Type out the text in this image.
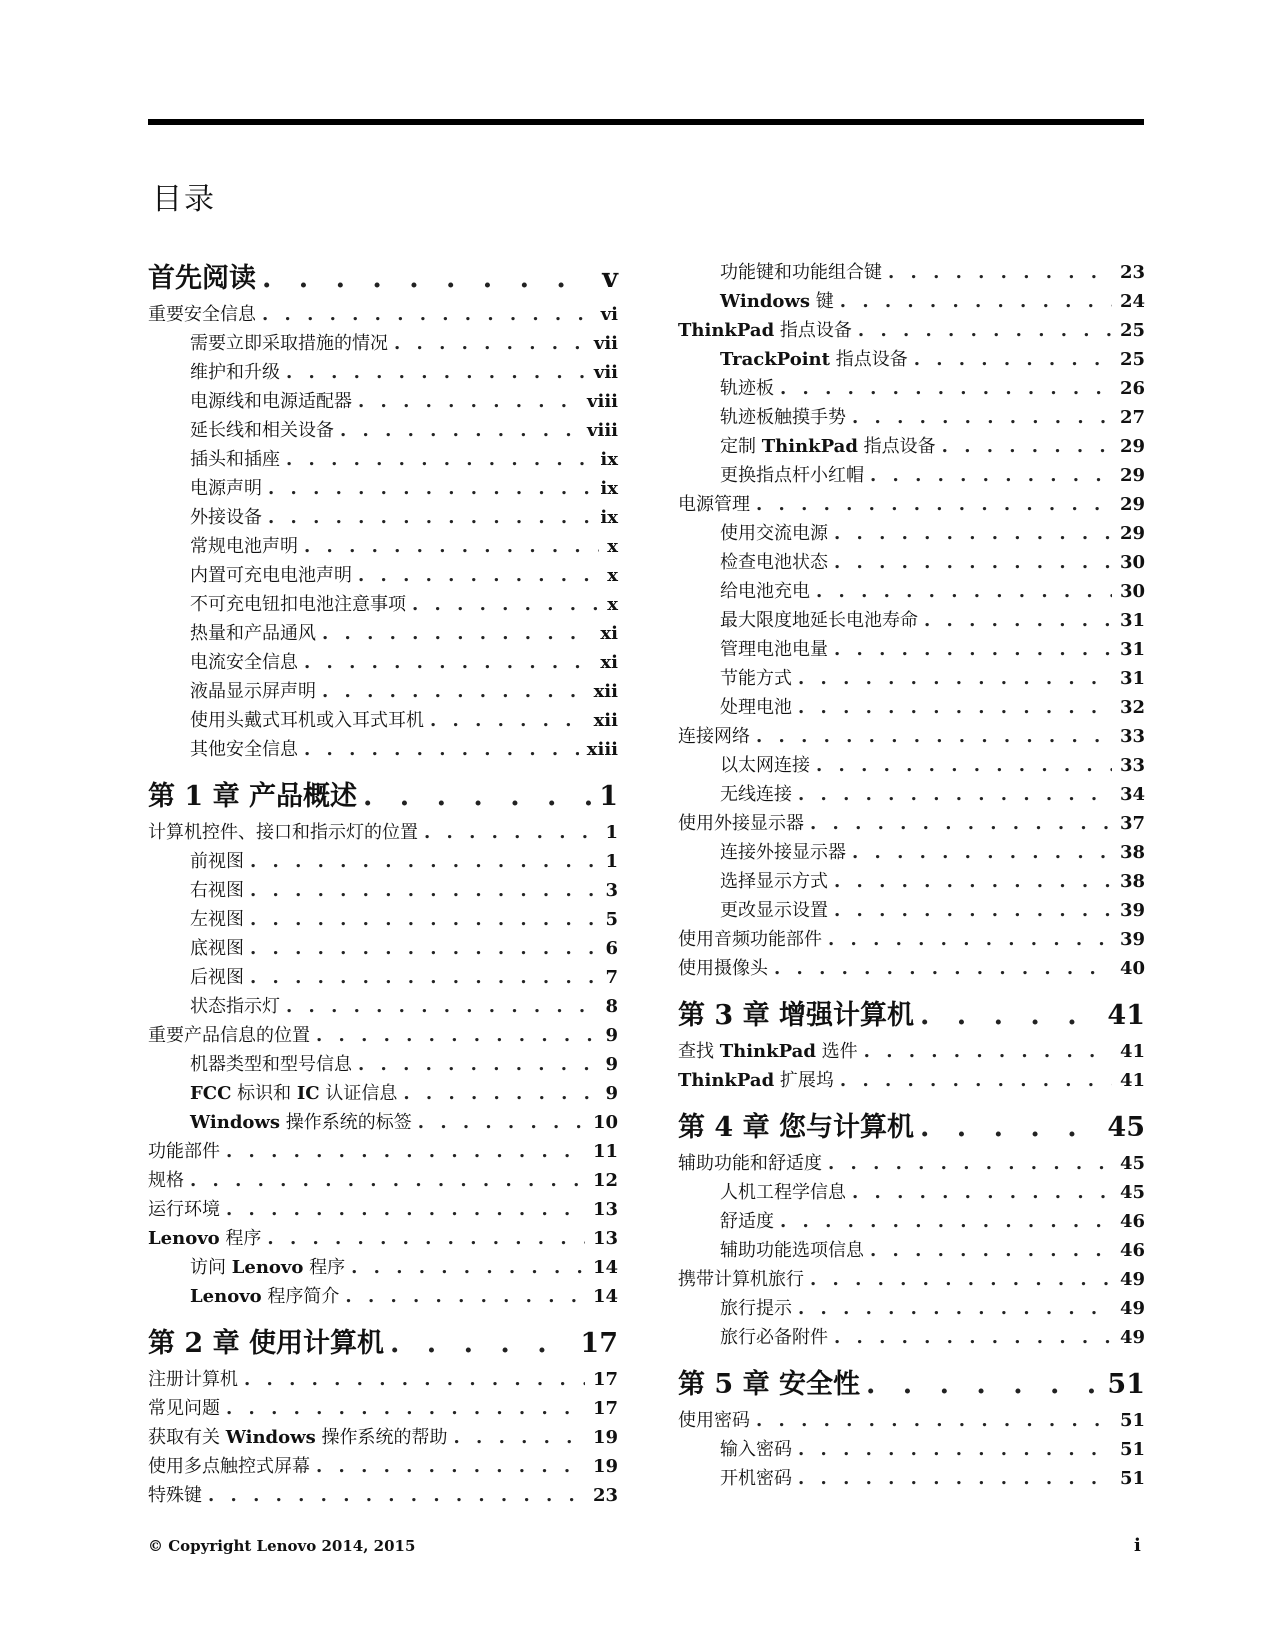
目录
首先阅读 . . .	v
重要安全信息 . . .	vi
需要立即采取措施的情况 . . .	vii
维护和升级 . . .	vii
电源线和电源适配器 . . .	viii
延长线和相关设备 . . .	viii
插头和插座 . . .	ix
电源声明 . . .	ix
外接设备 . . .	ix
常规电池声明 . . .	x
内置可充电电池声明 . . .	x
不可充电钮扣电池注意事项 . . .	x
热量和产品通风 . . .	xi
电流安全信息 . . .	xi
液晶显示屏声明 . . .	xii
使用头戴式耳机或入耳式耳机 . . .	xii
其他安全信息 . . .	xiii
第 1 章 产品概述 . . .	1
计算机控件、接口和指示灯的位置 . . .	1
前视图 . . .	1
右视图 . . .	3
左视图 . . .	5
底视图 . . .	6
后视图 . . .	7
状态指示灯 . . .	8
重要产品信息的位置 . . .	9
机器类型和型号信息 . . .	9
FCC 标识和 IC 认证信息 . . .	9
Windows 操作系统的标签 . . .	10
功能部件 . . .	11
规格 . . .	12
运行环境 . . .	13
Lenovo 程序 . . .	13
访问 Lenovo 程序 . . .	14
Lenovo 程序简介 . . .	14
第 2 章 使用计算机 . . .	17
注册计算机 . . .	17
常见问题 . . .	17
获取有关 Windows 操作系统的帮助 . . .	19
使用多点触控式屏幕 . . .	19
特殊键 . . .	23
功能键和功能组合键 . . .	23
Windows 键 . . .	24
ThinkPad 指点设备 . . .	25
TrackPoint 指点设备 . . .	25
轨迹板 . . .	26
轨迹板触摸手势 . . .	27
定制 ThinkPad 指点设备 . . .	29
更换指点杆小红帽 . . .	29
电源管理 . . .	29
使用交流电源 . . .	29
检查电池状态 . . .	30
给电池充电 . . .	30
最大限度地延长电池寿命 . . .	31
管理电池电量 . . .	31
节能方式 . . .	31
处理电池 . . .	32
连接网络 . . .	33
以太网连接 . . .	33
无线连接 . . .	34
使用外接显示器 . . .	37
连接外接显示器 . . .	38
选择显示方式 . . .	38
更改显示设置 . . .	39
使用音频功能部件 . . .	39
使用摄像头 . . .	40
第 3 章 增强计算机 . . .	41
查找 ThinkPad 选件 . . .	41
ThinkPad 扩展坞 . . .	41
第 4 章 您与计算机 . . .	45
辅助功能和舒适度 . . .	45
人机工程学信息 . . .	45
舒适度 . . .	46
辅助功能选项信息 . . .	46
携带计算机旅行 . . .	49
旅行提示 . . .	49
旅行必备附件 . . .	49
第 5 章 安全性 . . .	51
使用密码 . . .	51
输入密码 . . .	51
开机密码 . . .	51
© Copyright Lenovo 2014, 2015	i
